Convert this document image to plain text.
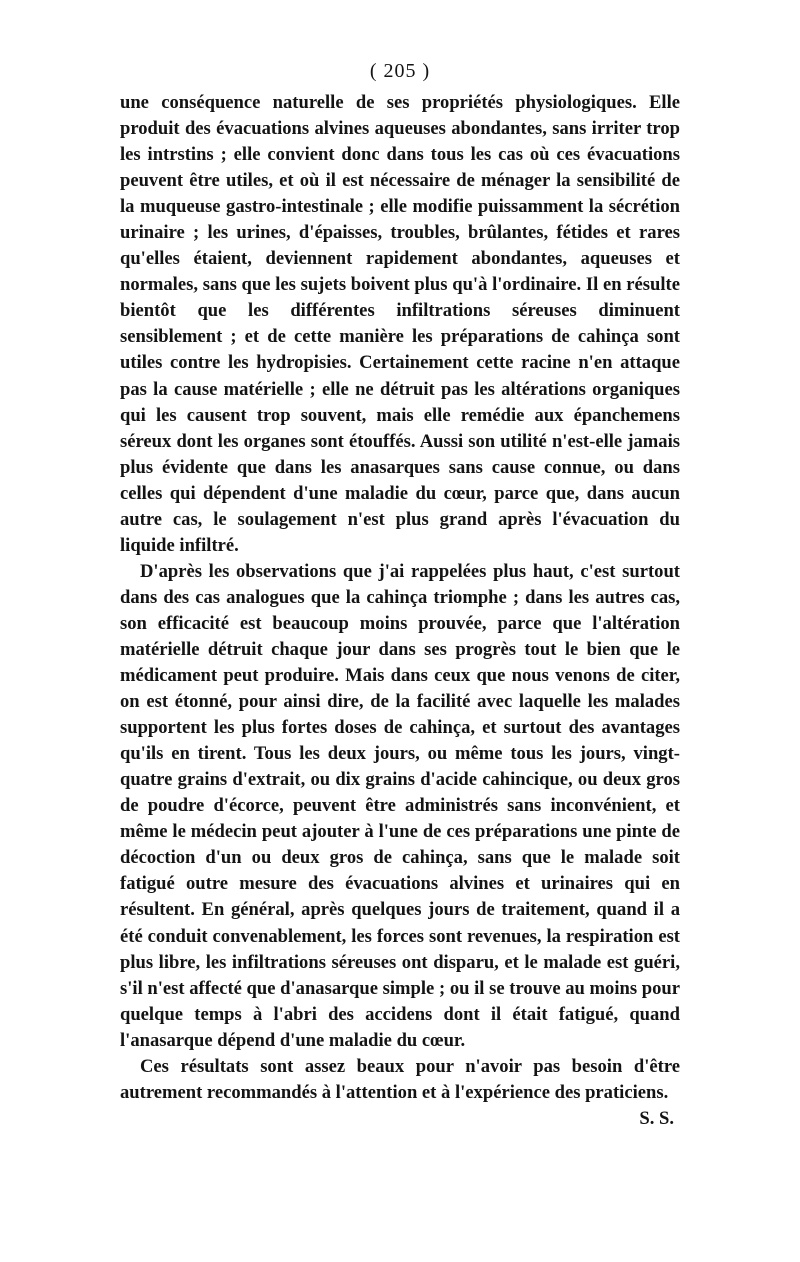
( 205 )

une conséquence naturelle de ses propriétés physiologiques. Elle produit des évacuations alvines aqueuses abondantes, sans irriter trop les intrstins ; elle convient donc dans tous les cas où ces évacuations peuvent être utiles, et où il est nécessaire de ménager la sensibilité de la muqueuse gastro-intestinale ; elle modifie puissamment la sécrétion urinaire ; les urines, d'épaisses, troubles, brûlantes, fétides et rares qu'elles étaient, deviennent rapidement abondantes, aqueuses et normales, sans que les sujets boivent plus qu'à l'ordinaire. Il en résulte bientôt que les différentes infiltrations séreuses diminuent sensiblement ; et de cette manière les préparations de cahinça sont utiles contre les hydropisies. Certainement cette racine n'en attaque pas la cause matérielle ; elle ne détruit pas les altérations organiques qui les causent trop souvent, mais elle remédie aux épanchemens séreux dont les organes sont étouffés. Aussi son utilité n'est-elle jamais plus évidente que dans les anasarques sans cause connue, ou dans celles qui dépendent d'une maladie du cœur, parce que, dans aucun autre cas, le soulagement n'est plus grand après l'évacuation du liquide infiltré.

D'après les observations que j'ai rappelées plus haut, c'est surtout dans des cas analogues que la cahinça triomphe ; dans les autres cas, son efficacité est beaucoup moins prouvée, parce que l'altération matérielle détruit chaque jour dans ses progrès tout le bien que le médicament peut produire. Mais dans ceux que nous venons de citer, on est étonné, pour ainsi dire, de la facilité avec laquelle les malades supportent les plus fortes doses de cahinça, et surtout des avantages qu'ils en tirent. Tous les deux jours, ou même tous les jours, vingt-quatre grains d'extrait, ou dix grains d'acide cahincique, ou deux gros de poudre d'écorce, peuvent être administrés sans inconvénient, et même le médecin peut ajouter à l'une de ces préparations une pinte de décoction d'un ou deux gros de cahinça, sans que le malade soit fatigué outre mesure des évacuations alvines et urinaires qui en résultent. En général, après quelques jours de traitement, quand il a été conduit convenablement, les forces sont revenues, la respiration est plus libre, les infiltrations séreuses ont disparu, et le malade est guéri, s'il n'est affecté que d'anasarque simple ; ou il se trouve au moins pour quelque temps à l'abri des accidens dont il était fatigué, quand l'anasarque dépend d'une maladie du cœur.

Ces résultats sont assez beaux pour n'avoir pas besoin d'être autrement recommandés à l'attention et à l'expérience des praticiens.

S. S.
